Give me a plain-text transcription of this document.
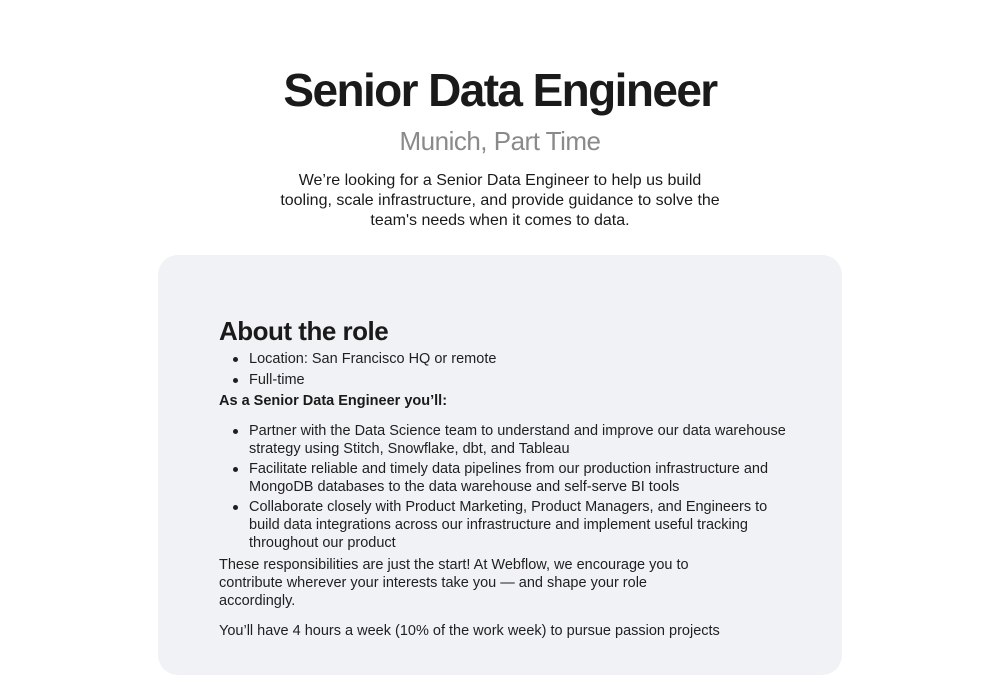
Senior Data Engineer
Munich, Part Time

We’re looking for a Senior Data Engineer to help us build tooling, scale infrastructure, and provide guidance to solve the team's needs when it comes to data.

About the role
Location: San Francisco HQ or remote
Full-time

As a Senior Data Engineer you’ll:

Partner with the Data Science team to understand and improve our data warehouse strategy using Stitch, Snowflake, dbt, and Tableau
Facilitate reliable and timely data pipelines from our production infrastructure and MongoDB databases to the data warehouse and self-serve BI tools
Collaborate closely with Product Marketing, Product Managers, and Engineers to build data integrations across our infrastructure and implement useful tracking throughout our product

These responsibilities are just the start! At Webflow, we encourage you to contribute wherever your interests take you — and shape your role accordingly.

You’ll have 4 hours a week (10% of the work week) to pursue passion projects
